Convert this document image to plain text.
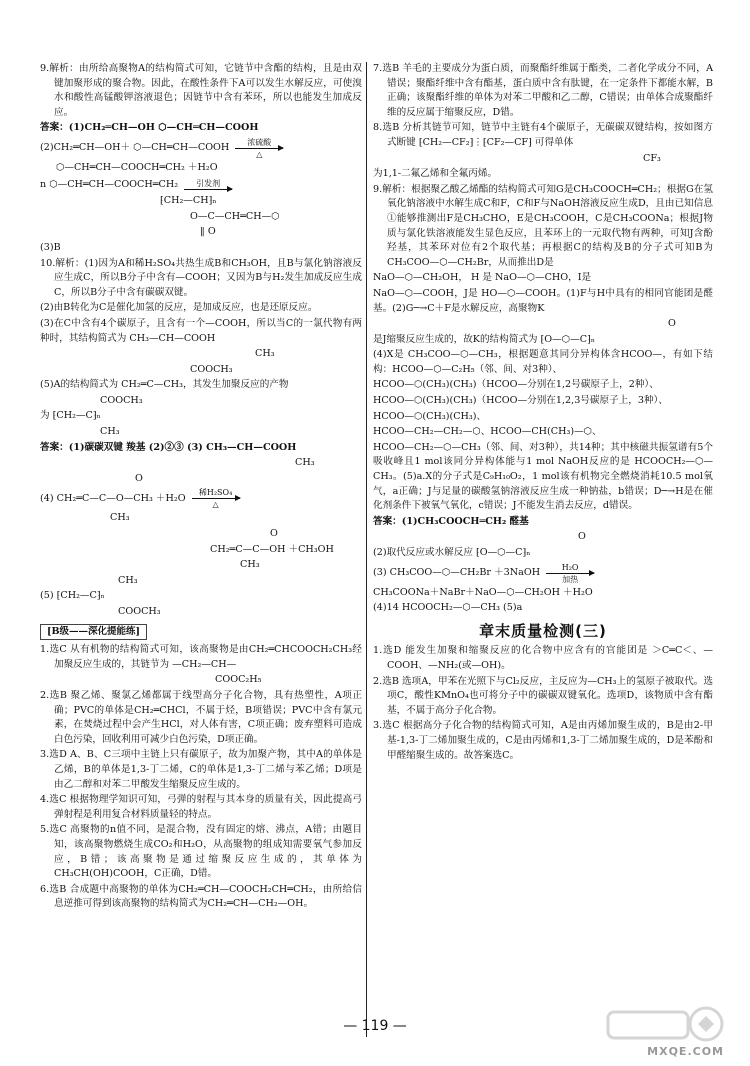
9.解析：由所给高聚物A的结构简式可知，它链节中含酯的结构，且是由双键加聚形成的聚合物。因此，在酸性条件下A可以发生水解反应，可使溴水和酸性高锰酸钾溶液退色；因链节中含有苯环，所以也能发生加成反应。

答案：(1)CH₂═CH—OH ⬡—CH═CH—COOH

(2)CH₂═CH—OH＋ ⬡—CH═CH—COOH 浓硫酸
△

⬡—CH═CH—COOCH═CH₂ ＋H₂O

n ⬡—CH═CH—COOCH═CH₂ 引发剂

⁅CH₂—CH⁆ₙ

O—C—CH═CH—⬡

‖ O

(3)B

10.解析：(1)因为A和稀H₂SO₄共热生成B和CH₃OH，且B与氯化钠溶液反应生成C，所以B分子中含有—COOH；又因为B与H₂发生加成反应生成C，所以B分子中含有碳碳双键。

(2)由B转化为C是催化加氢的反应，是加成反应，也是还原反应。

(3)在C中含有4个碳原子，且含有一个—COOH，所以当C的一氯代物有两种时，其结构简式为 CH₃—CH—COOH

CH₃

COOCH₃

(5)A的结构简式为 CH₂═C—CH₃，其发生加聚反应的产物

COOCH₃

为 ⁅CH₂—C⁆ₙ

CH₃

答案：(1)碳碳双键 羧基 (2)②③ (3) CH₃—CH—COOH

CH₃

O

(4) CH₂═C—C—O—CH₃ ＋H₂O 稀H₂SO₄
△

CH₃

O

CH₂═C—C—OH ＋CH₃OH

CH₃

CH₃

(5) ⁅CH₂—C⁆ₙ

COOCH₃

[B级——深化提能练]

1.选C 从有机物的结构简式可知，该高聚物是由CH₂═CHCOOCH₂CH₃经加聚反应生成的，其链节为 —CH₂—CH—

COOC₂H₅

2.选B 聚乙烯、聚氯乙烯都属于线型高分子化合物，具有热塑性，A项正确；PVC的单体是CH₂═CHCl，不属于烃，B项错误；PVC中含有氯元素，在焚烧过程中会产生HCl，对人体有害，C项正确；废弃塑料可造成白色污染，回收利用可减少白色污染，D项正确。

3.选D A、B、C三项中主链上只有碳原子，故为加聚产物，其中A的单体是乙烯，B的单体是1,3-丁二烯，C的单体是1,3-丁二烯与苯乙烯；D项是由乙二醇和对苯二甲酸发生缩聚反应生成的。

4.选C 根据物理学知识可知，弓弹的射程与其本身的质量有关，因此提高弓弹射程是利用复合材料质量轻的特点。

5.选C 高聚物的n值不同，是混合物，没有固定的熔、沸点，A错；由题目知，该高聚物燃烧生成CO₂和H₂O，从高聚物的组成知需要氧气参加反应，B错；该高聚物是通过缩聚反应生成的，其单体为CH₃CH(OH)COOH，C正确，D错。

6.选B 合成题中高聚物的单体为CH₂═CH—COOCH₂CH═CH₂，由所给信息逆推可得到该高聚物的结构简式为CH₂═CH—CH₂—OH。

7.选B 羊毛的主要成分为蛋白质，而聚酯纤维属于酯类，二者化学成分不同，A错误；聚酯纤维中含有酯基，蛋白质中含有肽键，在一定条件下都能水解，B正确；该聚酯纤维的单体为对苯二甲酸和乙二醇，C错误；由单体合成聚酯纤维的反应属于缩聚反应，D错。

8.选B 分析其链节可知，链节中主链有4个碳原子，无碳碳双键结构，按如图方式断键 ⁅CH₂—CF₂⁆⋮⁅CF₂—CF⁆ 可得单体

CF₃

为1,1-二氟乙烯和全氟丙烯。

9.解析：根据聚乙酸乙烯酯的结构简式可知G是CH₃COOCH═CH₂；根据G在氢氧化钠溶液中水解生成C和F，C和F与NaOH溶液反应生成D，且由已知信息①能够推测出F是CH₃CHO，E是CH₃COOH，C是CH₃COONa；根据J物质与氯化铁溶液能发生显色反应，且苯环上的一元取代物有两种，可知J含酚羟基，其苯环对位有2个取代基；再根据C的结构及B的分子式可知B为 CH₃COO—⬡—CH₂Br，从而推出D是

NaO—⬡—CH₂OH， H 是 NaO—⬡—CHO，I是

NaO—⬡—COOH，J是 HO—⬡—COOH。(1)F与H中具有的相同官能团是醛基。(2)G─→C＋F是水解反应，高聚物K

O

是J缩聚反应生成的，故K的结构简式为 ⁅O—⬡—C⁆ₙ

(4)X是 CH₃COO—⬡—CH₃，根据题意其同分异构体含HCOO—，有如下结构：HCOO—⬡—C₂H₅（邻、间、对3种）、

HCOO—⬡(CH₃)(CH₃)（HCOO—分别在1,2号碳原子上，2种）、

HCOO—⬡(CH₃)(CH₃)（HCOO—分别在1,2,3号碳原子上，3种）、

HCOO—⬡(CH₃)(CH₃)、

HCOO—CH₂—CH₂—⬡、HCOO—CH(CH₃)—⬡、

HCOO—CH₂—⬡—CH₃（邻、间、对3种），共14种；其中核磁共振氢谱有5个吸收峰且1 mol该同分异构体能与1 mol NaOH反应的是 HCOOCH₂—⬡—CH₃。(5)a.X的分子式是C₉H₁₀O₂，1 mol该有机物完全燃烧消耗10.5 mol氧气，a正确；J与足量的碳酸氢钠溶液反应生成一种钠盐，b错误；D─→H是在催化剂条件下被氧气氧化，c错误；J不能发生消去反应，d错误。

答案：(1)CH₃COOCH═CH₂ 醛基

O

(2)取代反应或水解反应 ⁅O—⬡—C⁆ₙ

(3) CH₃COO—⬡—CH₂Br ＋3NaOH	H₂O
加热

CH₃COONa＋NaBr＋NaO—⬡—CH₂OH ＋H₂O

(4)14 HCOOCH₂—⬡—CH₃ (5)a

章末质量检测(三)

1.选D 能发生加聚和缩聚反应的化合物中应含有的官能团是 ＞C═C＜、—COOH、—NH₂(或—OH)。

2.选B 选项A，甲苯在光照下与Cl₂反应，主反应为—CH₃上的氢原子被取代。选项C，酸性KMnO₄也可将分子中的碳碳双键氧化。选项D，该物质中含有酯基，不属于高分子化合物。

3.选C 根据高分子化合物的结构简式可知，A是由丙烯加聚生成的，B是由2-甲基-1,3-丁二烯加聚生成的，C是由丙烯和1,3-丁二烯加聚生成的，D是苯酚和甲醛缩聚生成的。故答案选C。

— 119 —
MXQE.COM
